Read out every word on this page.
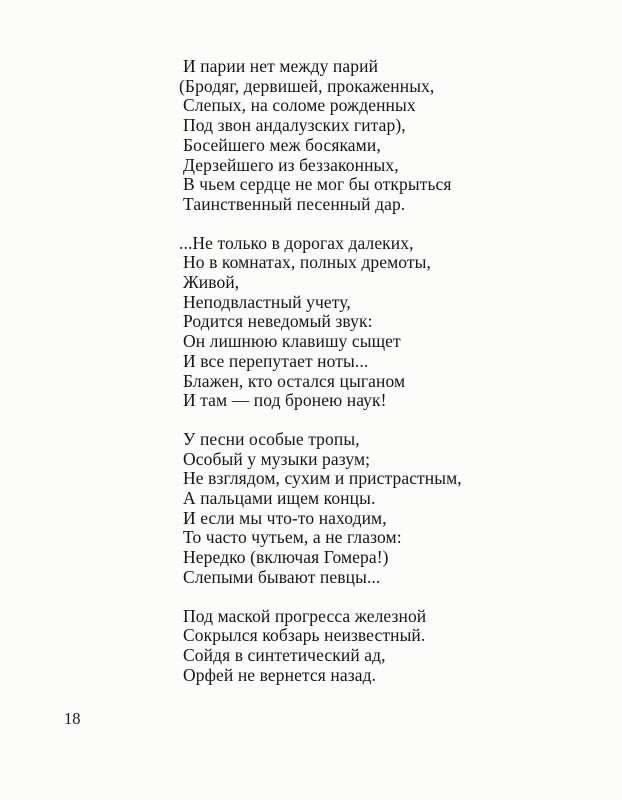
И парии нет между парий
(Бродяг, дервишей, прокаженных,
Слепых, на соломе рожденных
Под звон андалузских гитар),
Босейшего меж босяками,
Дерзейшего из беззаконных,
В чьем сердце не мог бы открыться
Таинственный песенный дар.
...Не только в дорогах далеких,
Но в комнатах, полных дремоты,
Живой,
Неподвластный учету,
Родится неведомый звук:
Он лишнюю клавишу сыщет
И все перепутает ноты...
Блажен, кто остался цыганом
И там — под бронею наук!
У песни особые тропы,
Особый у музыки разум;
Не взглядом, сухим и пристрастным,
А пальцами ищем концы.
И если мы что-то находим,
То часто чутьем, а не глазом:
Нередко (включая Гомера!)
Слепыми бывают певцы...
Под маской прогресса железной
Сокрылся кобзарь неизвестный.
Сойдя в синтетический ад,
Орфей не вернется назад.
18
